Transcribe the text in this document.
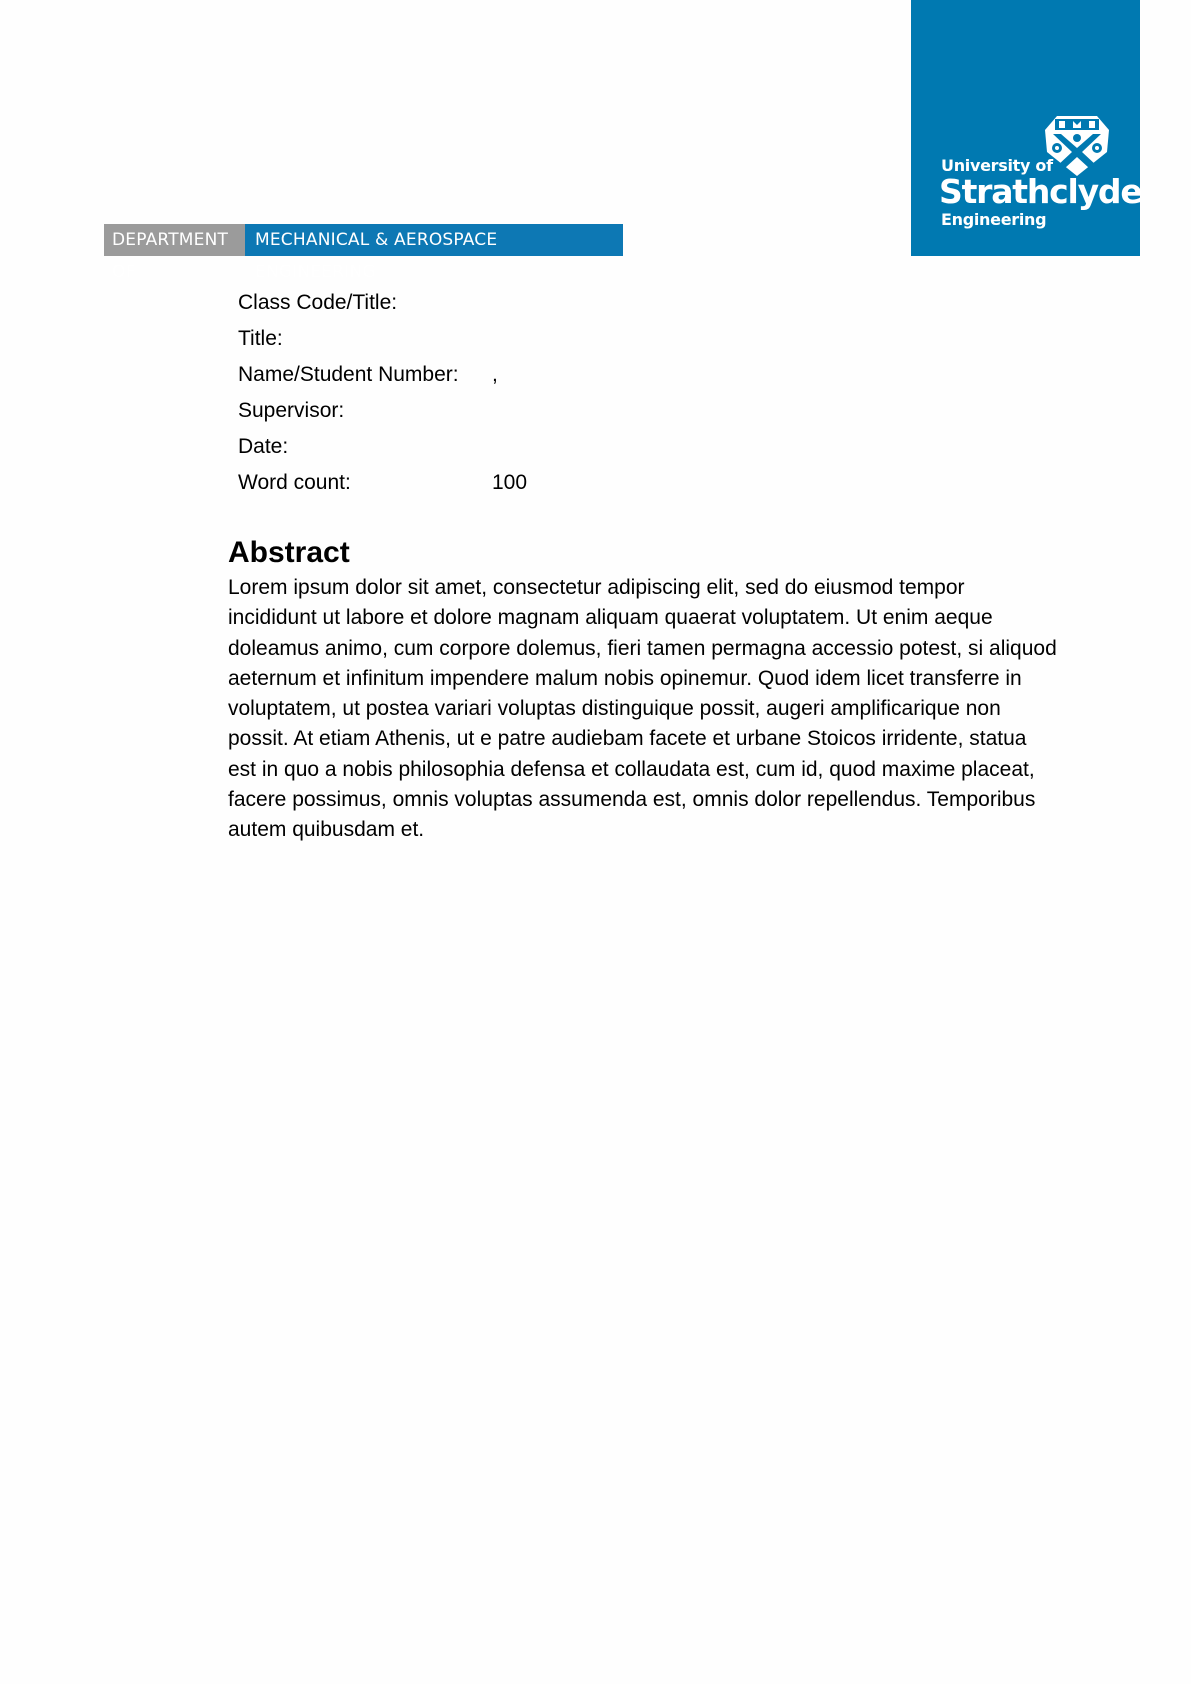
DEPARTMENT OF
MECHANICAL & AEROSPACE ENGINEERING
University of
Strathclyde
Engineering
Class Code/Title:
Title:
Name/Student Number: ,
Supervisor:
Date:
Word count:	100
Abstract

Lorem ipsum dolor sit amet, consectetur adipiscing elit, sed do eiusmod tempor incididunt ut labore et dolore magnam aliquam quaerat voluptatem. Ut enim aeque doleamus animo, cum corpore dolemus, fieri tamen permagna accessio potest, si aliquod aeternum et infinitum impendere malum nobis opinemur. Quod idem licet transferre in voluptatem, ut postea variari voluptas distinguique possit, augeri amplificarique non possit. At etiam Athenis, ut e patre audiebam facete et urbane Stoicos irridente, statua est in quo a nobis philosophia defensa et collaudata est, cum id, quod maxime placeat, facere possimus, omnis voluptas assumenda est, omnis dolor repellendus. Temporibus autem quibusdam et.
